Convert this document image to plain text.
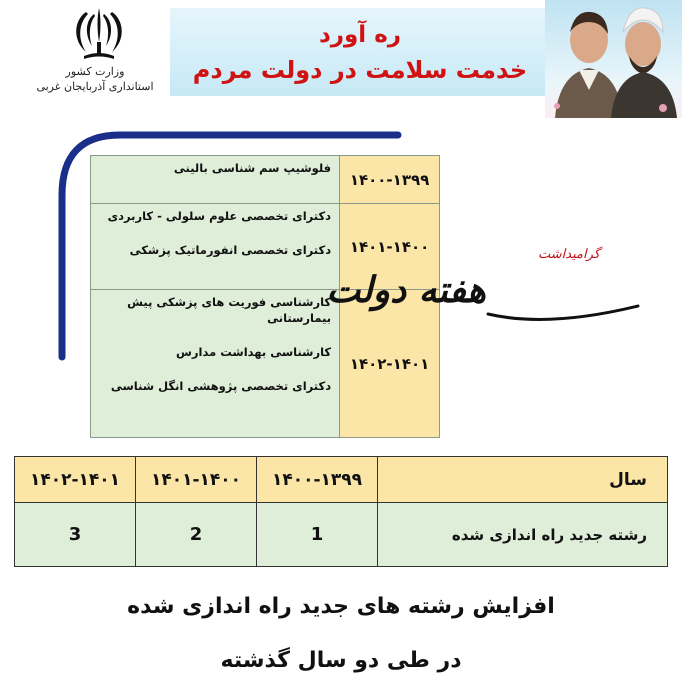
وزارت کشور
استانداری آذربایجان غربی
ره آورد
خدمت سلامت در دولت مردم
فلوشیپ سم شناسی بالینی	۱۴۰۰-۱۳۹۹

دکترای تخصصی علوم سلولی - کاربردی
دکترای تخصصی انفورماتیک پزشکی	۱۴۰۱-۱۴۰۰

کارشناسی فوریت های پزشکی پیش بیمارستانی
کارشناسی بهداشت مدارس
دکترای تخصصی پژوهشی انگل شناسی	۱۴۰۲-۱۴۰۱
گرامیداشت
هفته دولت
۱۴۰۲-۱۴۰۱	۱۴۰۱-۱۴۰۰	۱۴۰۰-۱۳۹۹	سال
3	2	1	رشته جدید راه اندازی شده
افزایش رشته های جدید راه اندازی شده
در طی دو سال گذشته
